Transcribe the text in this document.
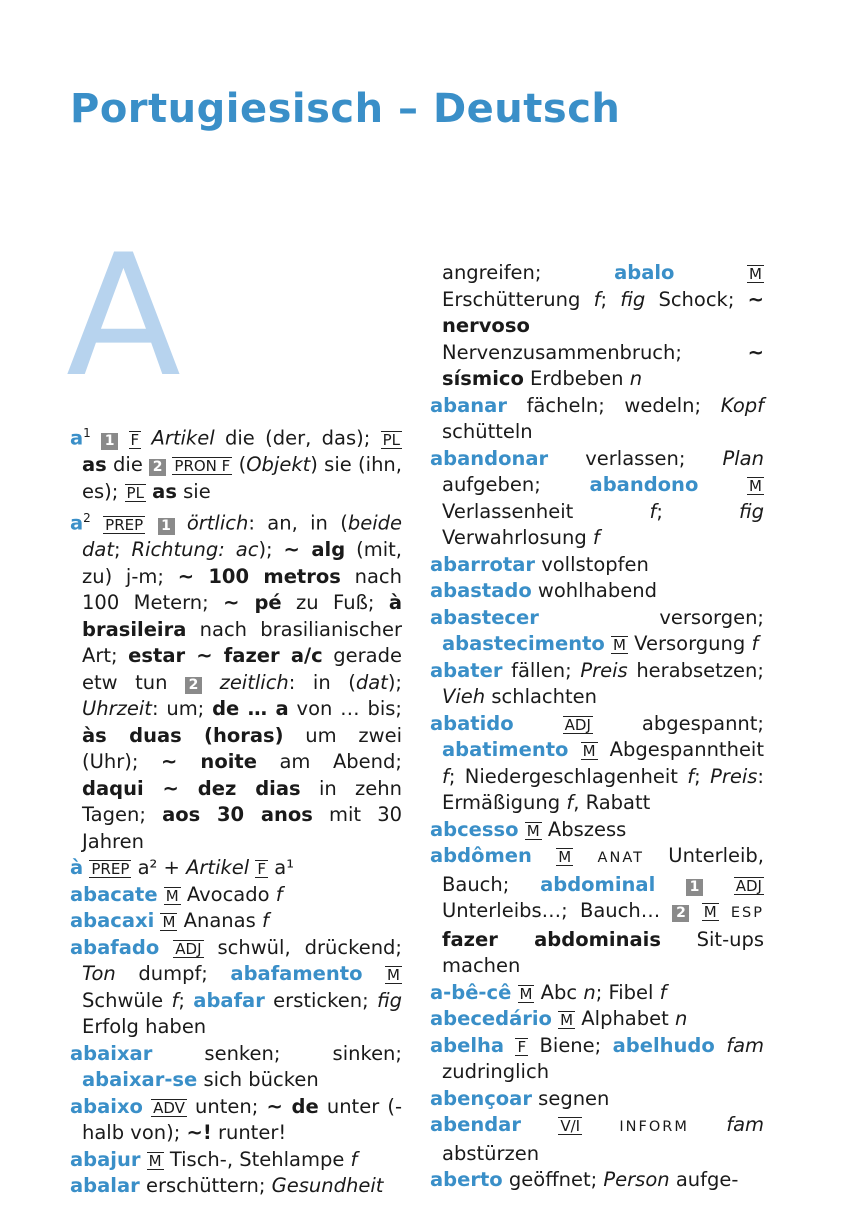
Portugiesisch – Deutsch
A
$a^1$ 1 F Artikel die (der, das); PL as die 2 PRON F (Objekt) sie (ihn, es); PL as sie
$a^2$ PREP 1 örtlich: an, in (beide dat; Richtung: ac); ~ alg (mit, zu) j-m; ~ 100 metros nach 100 Metern; ~ pé zu Fuß; à brasileira nach brasilianischer Art; estar ~ fazer a/c gerade etw tun 2 zeitlich: in (dat); Uhrzeit: um; de … a von … bis; às duas (horas) um zwei (Uhr); ~ noite am Abend; daqui ~ dez dias in zehn Tagen; aos 30 anos mit 30 Jahren
à PREP a² + Artikel F a¹
abacate M Avocado f
abacaxi M Ananas f
abafado ADJ schwül, drückend; Ton dumpf; abafamento M Schwüle f; abafar ersticken; fig Erfolg haben
abaixar senken; sinken; abaixar-se sich bücken
abaixo ADV unten; ~ de unter (-halb von); ~! runter!
abajur M Tisch-, Stehlampe f
abalar erschüttern; Gesundheit
angreifen; abalo	M Erschütterung f; fig Schock; ~ nervoso Nervenzusammenbruch; ~ sísmico Erdbeben n
abanar fächeln; wedeln; Kopf schütteln
abandonar verlassen; Plan aufgeben; abandono	M Verlassenheit f; fig Verwahrlosung f
abarrotar vollstopfen
abastado wohlhabend
abastecer versorgen; abastecimento M Versorgung f
abater fällen; Preis herabsetzen; Vieh schlachten
abatido	ADJ abgespannt; abatimento M Abgespanntheit f; Niedergeschlagenheit f; Preis: Ermäßigung f, Rabatt
abcesso M Abszess
abdômen M ANAT Unterleib, Bauch; abdominal 1 ADJ Unterleibs…; Bauch… 2 M ESP fazer abdominais Sit-ups machen
a-bê-cê M Abc n; Fibel f
abecedário M Alphabet n
abelha F Biene; abelhudo fam zudringlich
abençoar segnen
abendar	V/I	INFORM fam abstürzen
aberto geöffnet; Person aufge-
